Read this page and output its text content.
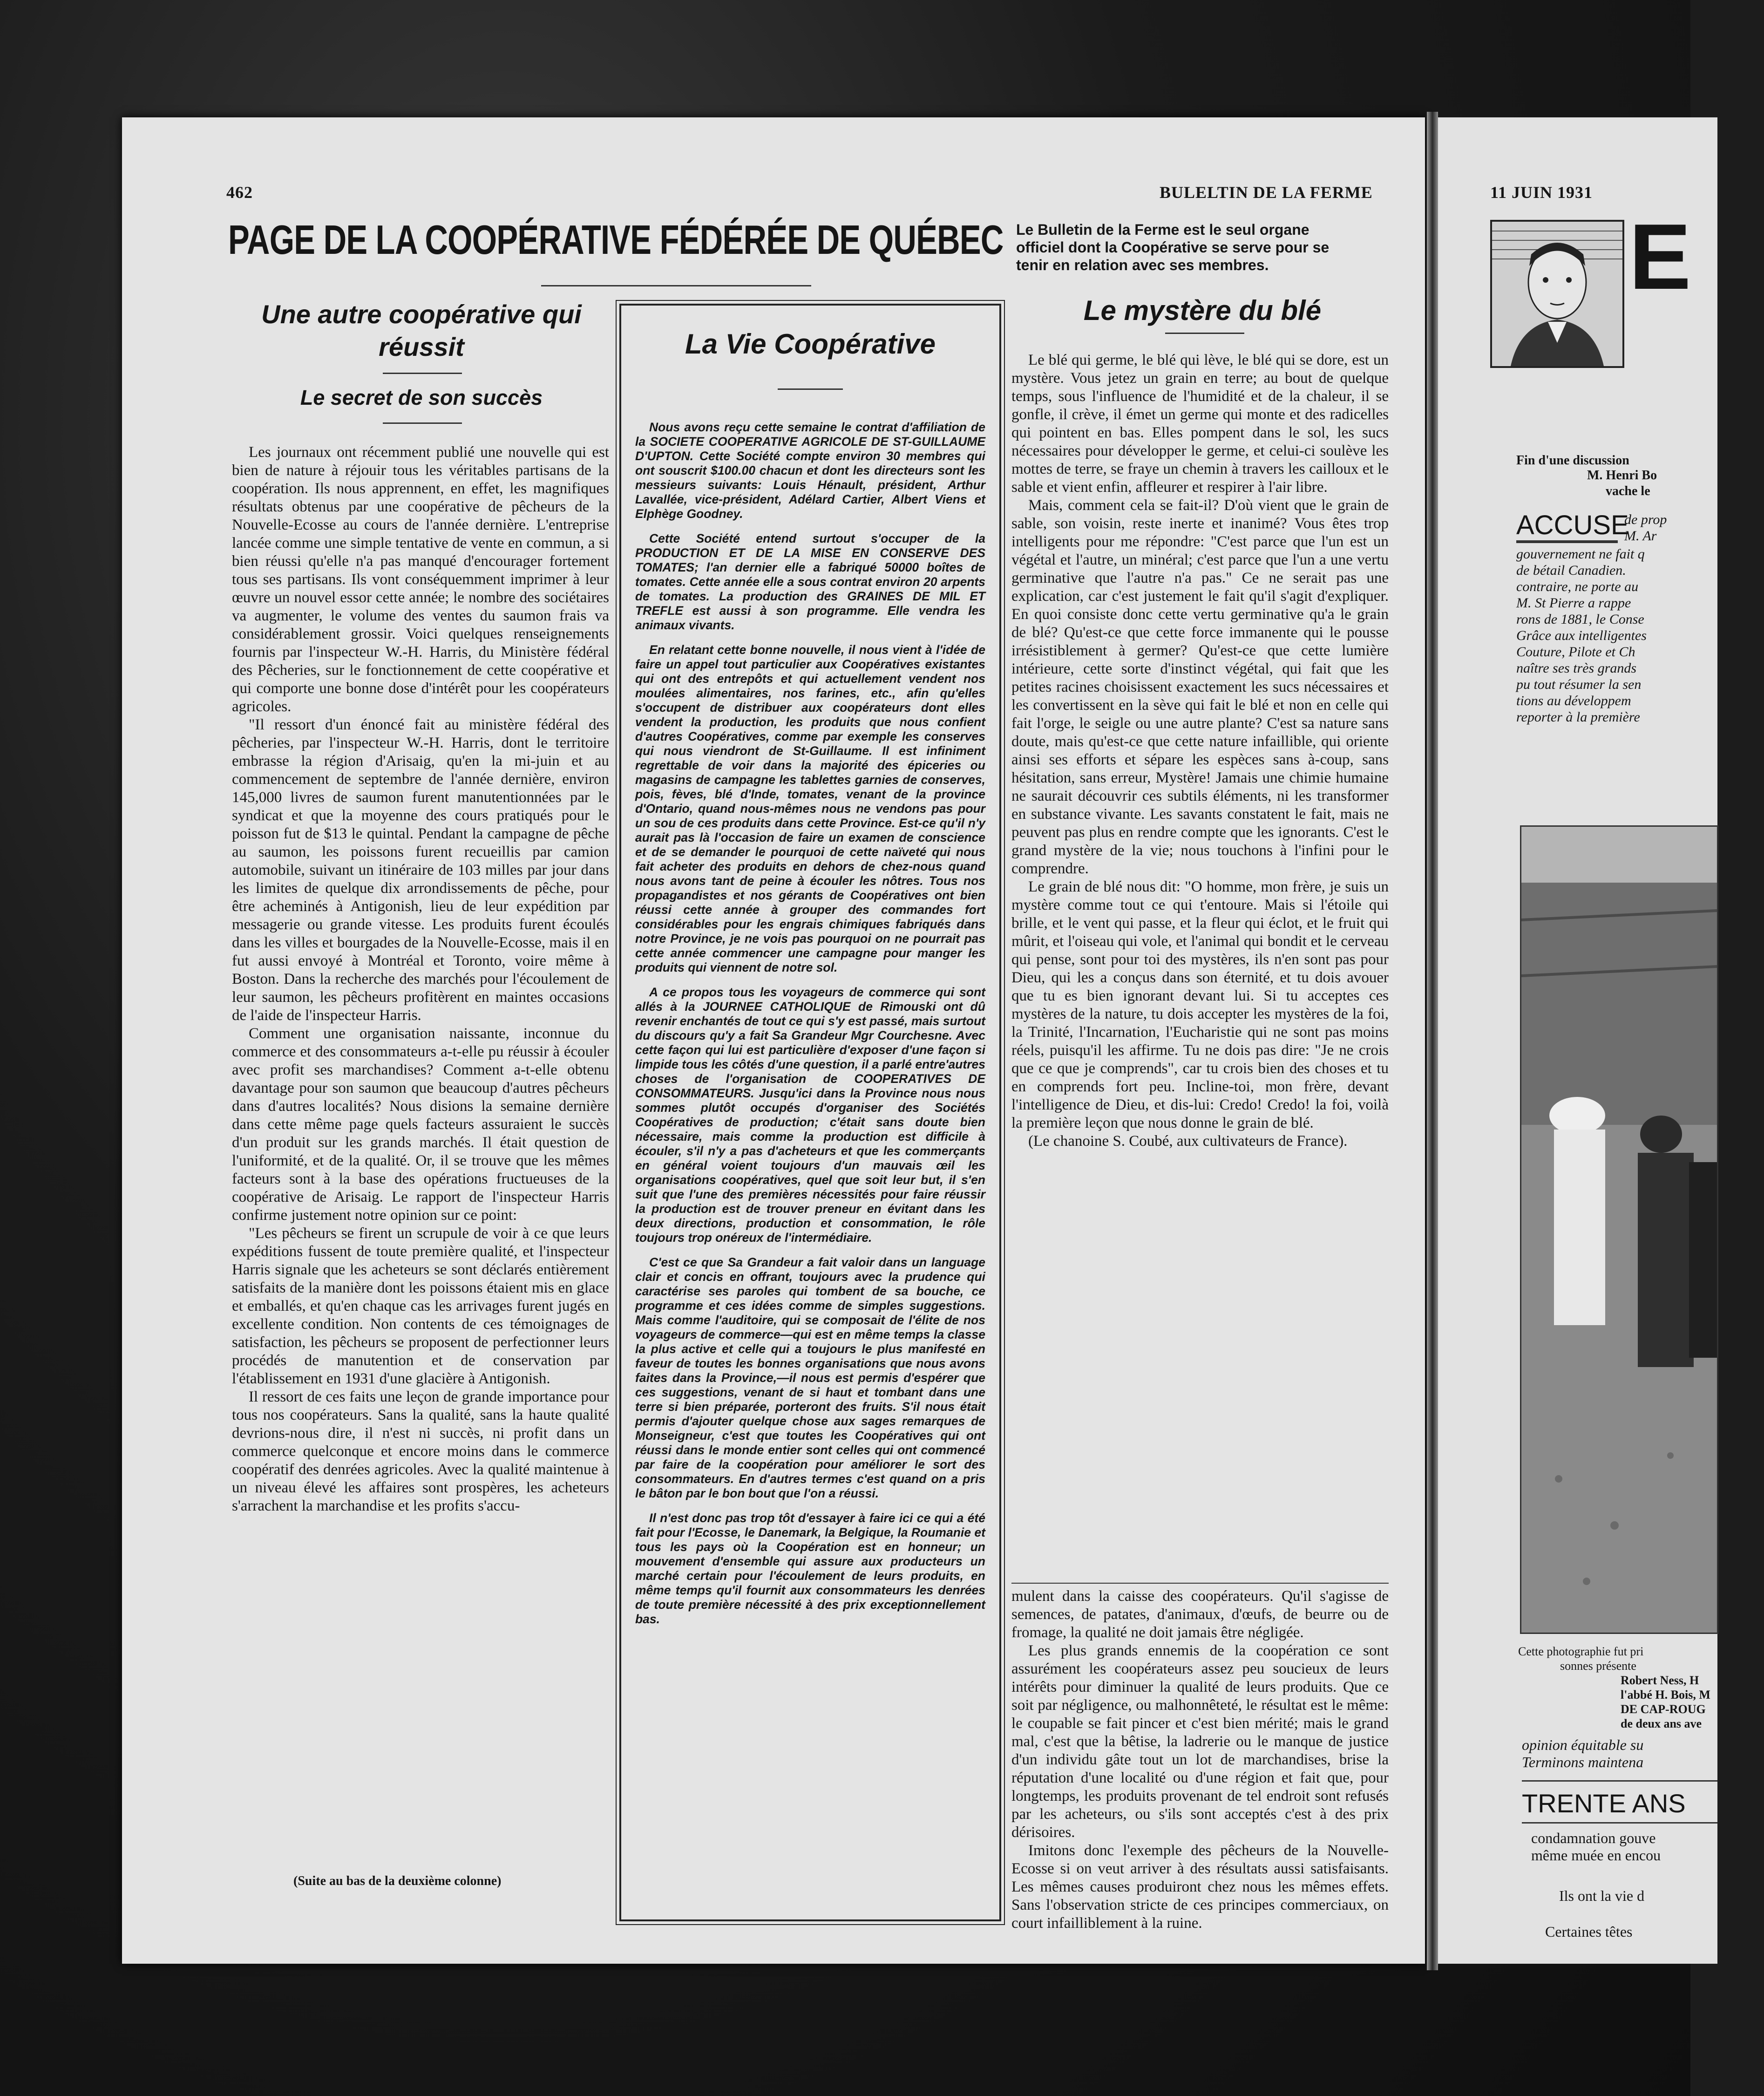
462	BULELTIN DE LA FERME
PAGE DE LA COOPÉRATIVE FÉDÉRÉE DE QUÉBEC Le Bulletin de la Ferme est le seul organe officiel dont la Coopérative se serve pour se tenir en relation avec ses membres.
Une autre coopérative qui réussit
Le secret de son succès

Les journaux ont récemment publié une nouvelle qui est bien de nature à réjouir tous les véritables partisans de la coopération. Ils nous apprennent, en effet, les magnifiques résultats obtenus par une coopérative de pêcheurs de la Nouvelle-Ecosse au cours de l'année dernière. L'entreprise lancée comme une simple tentative de vente en commun, a si bien réussi qu'elle n'a pas manqué d'encourager fortement tous ses partisans. Ils vont conséquemment imprimer à leur œuvre un nouvel essor cette année; le nombre des sociétaires va augmenter, le volume des ventes du saumon frais va considérablement grossir. Voici quelques renseignements fournis par l'inspecteur W.-H. Harris, du Ministère fédéral des Pêcheries, sur le fonctionnement de cette coopérative et qui comporte une bonne dose d'intérêt pour les coopérateurs agricoles.

"Il ressort d'un énoncé fait au ministère fédéral des pêcheries, par l'inspecteur W.-H. Harris, dont le territoire embrasse la région d'Arisaig, qu'en la mi-juin et au commencement de septembre de l'année dernière, environ 145,000 livres de saumon furent manutentionnées par le syndicat et que la moyenne des cours pratiqués pour le poisson fut de $13 le quintal. Pendant la campagne de pêche au saumon, les poissons furent recueillis par camion automobile, suivant un itinéraire de 103 milles par jour dans les limites de quelque dix arrondissements de pêche, pour être acheminés à Antigonish, lieu de leur expédition par messagerie ou grande vitesse. Les produits furent écoulés dans les villes et bourgades de la Nouvelle-Ecosse, mais il en fut aussi envoyé à Montréal et Toronto, voire même à Boston. Dans la recherche des marchés pour l'écoulement de leur saumon, les pêcheurs profitèrent en maintes occasions de l'aide de l'inspecteur Harris.

Comment une organisation naissante, inconnue du commerce et des consommateurs a-t-elle pu réussir à écouler avec profit ses marchandises? Comment a-t-elle obtenu davantage pour son saumon que beaucoup d'autres pêcheurs dans d'autres localités? Nous disions la semaine dernière dans cette même page quels facteurs assuraient le succès d'un produit sur les grands marchés. Il était question de l'uniformité, et de la qualité. Or, il se trouve que les mêmes facteurs sont à la base des opérations fructueuses de la coopérative de Arisaig. Le rapport de l'inspecteur Harris confirme justement notre opinion sur ce point:

"Les pêcheurs se firent un scrupule de voir à ce que leurs expéditions fussent de toute première qualité, et l'inspecteur Harris signale que les acheteurs se sont déclarés entièrement satisfaits de la manière dont les poissons étaient mis en glace et emballés, et qu'en chaque cas les arrivages furent jugés en excellente condition. Non contents de ces témoignages de satisfaction, les pêcheurs se proposent de perfectionner leurs procédés de manutention et de conservation par l'établissement en 1931 d'une glacière à Antigonish.

Il ressort de ces faits une leçon de grande importance pour tous nos coopérateurs. Sans la qualité, sans la haute qualité devrions-nous dire, il n'est ni succès, ni profit dans un commerce quelconque et encore moins dans le commerce coopératif des denrées agricoles. Avec la qualité maintenue à un niveau élevé les affaires sont prospères, les acheteurs s'arrachent la marchandise et les profits s'accu-

(Suite au bas de la deuxième colonne)
La Vie Coopérative

Nous avons reçu cette semaine le contrat d'affiliation de la SOCIETE COOPERATIVE AGRICOLE DE ST-GUILLAUME D'UPTON. Cette Société compte environ 30 membres qui ont souscrit $100.00 chacun et dont les directeurs sont les messieurs suivants: Louis Hénault, président, Arthur Lavallée, vice-président, Adélard Cartier, Albert Viens et Elphège Goodney.

Cette Société entend surtout s'occuper de la PRODUCTION ET DE LA MISE EN CONSERVE DES TOMATES; l'an dernier elle a fabriqué 50000 boîtes de tomates. Cette année elle a sous contrat environ 20 arpents de tomates. La production des GRAINES DE MIL ET TREFLE est aussi à son programme. Elle vendra les animaux vivants.

En relatant cette bonne nouvelle, il nous vient à l'idée de faire un appel tout particulier aux Coopératives existantes qui ont des entrepôts et qui actuellement vendent nos moulées alimentaires, nos farines, etc., afin qu'elles s'occupent de distribuer aux coopérateurs dont elles vendent la production, les produits que nous confient d'autres Coopératives, comme par exemple les conserves qui nous viendront de St-Guillaume. Il est infiniment regrettable de voir dans la majorité des épiceries ou magasins de campagne les tablettes garnies de conserves, pois, fèves, blé d'Inde, tomates, venant de la province d'Ontario, quand nous-mêmes nous ne vendons pas pour un sou de ces produits dans cette Province. Est-ce qu'il n'y aurait pas là l'occasion de faire un examen de conscience et de se demander le pourquoi de cette naïveté qui nous fait acheter des produits en dehors de chez-nous quand nous avons tant de peine à écouler les nôtres. Tous nos propagandistes et nos gérants de Coopératives ont bien réussi cette année à grouper des commandes fort considérables pour les engrais chimiques fabriqués dans notre Province, je ne vois pas pourquoi on ne pourrait pas cette année commencer une campagne pour manger les produits qui viennent de notre sol.

A ce propos tous les voyageurs de commerce qui sont allés à la JOURNEE CATHOLIQUE de Rimouski ont dû revenir enchantés de tout ce qui s'y est passé, mais surtout du discours qu'y a fait Sa Grandeur Mgr Courchesne. Avec cette façon qui lui est particulière d'exposer d'une façon si limpide tous les côtés d'une question, il a parlé entre'autres choses de l'organisation de COOPERATIVES DE CONSOMMATEURS. Jusqu'ici dans la Province nous nous sommes plutôt occupés d'organiser des Sociétés Coopératives de production; c'était sans doute bien nécessaire, mais comme la production est difficile à écouler, s'il n'y a pas d'acheteurs et que les commerçants en général voient toujours d'un mauvais œil les organisations coopératives, quel que soit leur but, il s'en suit que l'une des premières nécessités pour faire réussir la production est de trouver preneur en évitant dans les deux directions, production et consommation, le rôle toujours trop onéreux de l'intermédiaire.

C'est ce que Sa Grandeur a fait valoir dans un language clair et concis en offrant, toujours avec la prudence qui caractérise ses paroles qui tombent de sa bouche, ce programme et ces idées comme de simples suggestions. Mais comme l'auditoire, qui se composait de l'élite de nos voyageurs de commerce—qui est en même temps la classe la plus active et celle qui a toujours le plus manifesté en faveur de toutes les bonnes organisations que nous avons faites dans la Province,—il nous est permis d'espérer que ces suggestions, venant de si haut et tombant dans une terre si bien préparée, porteront des fruits. S'il nous était permis d'ajouter quelque chose aux sages remarques de Monseigneur, c'est que toutes les Coopératives qui ont réussi dans le monde entier sont celles qui ont commencé par faire de la coopération pour améliorer le sort des consommateurs. En d'autres termes c'est quand on a pris le bâton par le bon bout que l'on a réussi.

Il n'est donc pas trop tôt d'essayer à faire ici ce qui a été fait pour l'Ecosse, le Danemark, la Belgique, la Roumanie et tous les pays où la Coopération est en honneur; un mouvement d'ensemble qui assure aux producteurs un marché certain pour l'écoulement de leurs produits, en même temps qu'il fournit aux consommateurs les denrées de toute première nécessité à des prix exceptionnellement bas.

Le mystère du blé

Le blé qui germe, le blé qui lève, le blé qui se dore, est un mystère. Vous jetez un grain en terre; au bout de quelque temps, sous l'influence de l'humidité et de la chaleur, il se gonfle, il crève, il émet un germe qui monte et des radicelles qui pointent en bas. Elles pompent dans le sol, les sucs nécessaires pour développer le germe, et celui-ci soulève les mottes de terre, se fraye un chemin à travers les cailloux et le sable et vient enfin, affleurer et respirer à l'air libre.

Mais, comment cela se fait-il? D'où vient que le grain de sable, son voisin, reste inerte et inanimé? Vous êtes trop intelligents pour me répondre: "C'est parce que l'un est un végétal et l'autre, un minéral; c'est parce que l'un a une vertu germinative que l'autre n'a pas." Ce ne serait pas une explication, car c'est justement le fait qu'il s'agit d'expliquer. En quoi consiste donc cette vertu germinative qu'a le grain de blé? Qu'est-ce que cette force immanente qui le pousse irrésistiblement à germer? Qu'est-ce que cette lumière intérieure, cette sorte d'instinct végétal, qui fait que les petites racines choisissent exactement les sucs nécessaires et les convertissent en la sève qui fait le blé et non en celle qui fait l'orge, le seigle ou une autre plante? C'est sa nature sans doute, mais qu'est-ce que cette nature infaillible, qui oriente ainsi ses efforts et sépare les espèces sans à-coup, sans hésitation, sans erreur, Mystère! Jamais une chimie humaine ne saurait découvrir ces subtils éléments, ni les transformer en substance vivante. Les savants constatent le fait, mais ne peuvent pas plus en rendre compte que les ignorants. C'est le grand mystère de la vie; nous touchons à l'infini pour le comprendre.

Le grain de blé nous dit: "O homme, mon frère, je suis un mystère comme tout ce qui t'entoure. Mais si l'étoile qui brille, et le vent qui passe, et la fleur qui éclot, et le fruit qui mûrit, et l'oiseau qui vole, et l'animal qui bondit et le cerveau qui pense, sont pour toi des mystères, ils n'en sont pas pour Dieu, qui les a conçus dans son éternité, et tu dois avouer que tu es bien ignorant devant lui. Si tu acceptes ces mystères de la nature, tu dois accepter les mystères de la foi, la Trinité, l'Incarnation, l'Eucharistie qui ne sont pas moins réels, puisqu'il les affirme. Tu ne dois pas dire: "Je ne crois que ce que je comprends", car tu crois bien des choses et tu en comprends fort peu. Incline-toi, mon frère, devant l'intelligence de Dieu, et dis-lui: Credo! Credo! la foi, voilà la première leçon que nous donne le grain de blé.

(Le chanoine S. Coubé, aux cultivateurs de France).

mulent dans la caisse des coopérateurs. Qu'il s'agisse de semences, de patates, d'animaux, d'œufs, de beurre ou de fromage, la qualité ne doit jamais être négligée.

Les plus grands ennemis de la coopération ce sont assurément les coopérateurs assez peu soucieux de leurs intérêts pour diminuer la qualité de leurs produits. Que ce soit par négligence, ou malhonnêteté, le résultat est le même: le coupable se fait pincer et c'est bien mérité; mais le grand mal, c'est que la bêtise, la ladrerie ou le manque de justice d'un individu gâte tout un lot de marchandises, brise la réputation d'une localité ou d'une région et fait que, pour longtemps, les produits provenant de tel endroit sont refusés par les acheteurs, ou s'ils sont acceptés c'est à des prix dérisoires.

Imitons donc l'exemple des pêcheurs de la Nouvelle-Ecosse si on veut arriver à des résultats aussi satisfaisants. Les mêmes causes produiront chez nous les mêmes effets. Sans l'observation stricte de ces principes commerciaux, on court infailliblement à la ruine.

11 JUIN 1931
E
Fin d'une discussion
M. Henri Bo
vache le
ACCUSE
de prop
M. Ar
gouvernement ne fait q
de bétail Canadien.
contraire, ne porte au
M. St Pierre a rappe
rons de 1881, le Conse
Grâce aux intelligentes
Couture, Pilote et Ch
naître ses très grands
pu tout résumer la sen
tions au développem
reporter à la première
Cette photographie fut pri
sonnes présente
Robert Ness, H
l'abbé H. Bois, M
DE CAP-ROUG
de deux ans ave
opinion équitable su
Terminons maintena
TRENTE ANS
condamnation gouve
même muée en encou
Ils ont la vie d
Certaines têtes
